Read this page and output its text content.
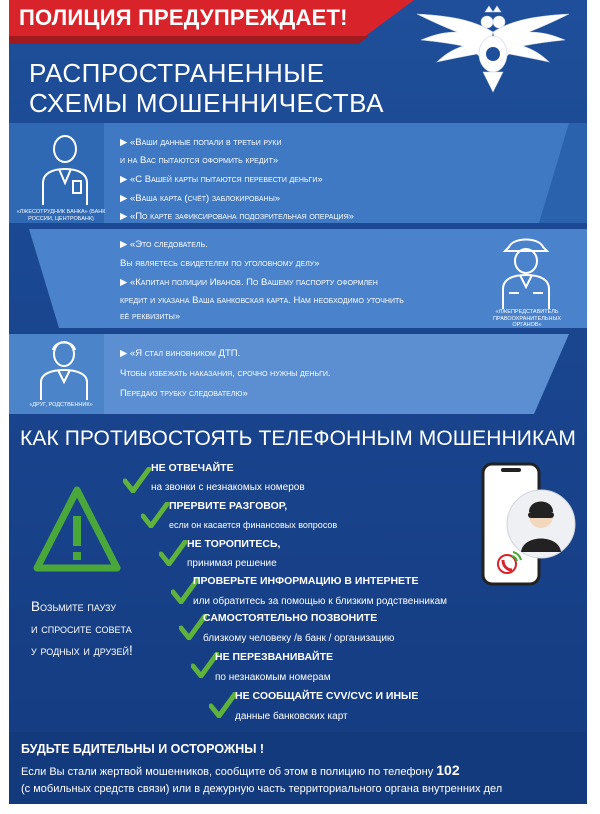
ПОЛИЦИЯ ПРЕДУПРЕЖДАЕТ!
РАСПРОСТРАНЕННЫЕ
СХЕМЫ МОШЕННИЧЕСТВА
«ЛЖЕСОТРУДНИК БАНКА» (БАНК РОССИИ, ЦЕНТРОБАНК)
▶ «Ваши данные попали в третьи руки
и на Вас пытаются оформить кредит»
▶ «С Вашей карты пытаются перевести деньги»
▶ «Ваша карта (счёт) заблокированы»
▶ «По карте зафиксирована подозрительная операция»
«ЛЖЕПРЕДСТАВИТЕЛЬ ПРАВООХРАНИТЕЛЬНЫХ ОРГАНОВ»
▶ «Это следователь.
Вы являетесь свидетелем по уголовному делу»
▶ «Капитан полиции Иванов. По Вашему паспорту оформлен
кредит и указана Ваша банковская карта. Нам необходимо уточнить
её реквизиты»
«ДРУГ, РОДСТВЕННИК»
▶ «Я стал виновником ДТП.
Чтобы избежать наказания, срочно нужны деньги.
Передаю трубку следователю»
КАК ПРОТИВОСТОЯТЬ ТЕЛЕФОННЫМ МОШЕННИКАМ
Возьмите паузу
и спросите совета
у родных и друзей!
НЕ ОТВЕЧАЙТЕ
на звонки с незнакомых номеров
ПРЕРВИТЕ РАЗГОВОР,
если он касается финансовых вопросов
НЕ ТОРОПИТЕСЬ,
принимая решение
ПРОВЕРЬТЕ ИНФОРМАЦИЮ В ИНТЕРНЕТЕ
или обратитесь за помощью к близким родственникам
САМОСТОЯТЕЛЬНО ПОЗВОНИТЕ
близкому человеку /в банк / организацию
НЕ ПЕРЕЗВАНИВАЙТЕ
по незнакомым номерам
НЕ СООБЩАЙТЕ CVV/CVC И ИНЫЕ
данные банковских карт
БУДЬТЕ БДИТЕЛЬНЫ И ОСТОРОЖНЫ !
Если Вы стали жертвой мошенников, сообщите об этом в полицию по телефону 102
(с мобильных средств связи) или в дежурную часть территориального органа внутренних дел
